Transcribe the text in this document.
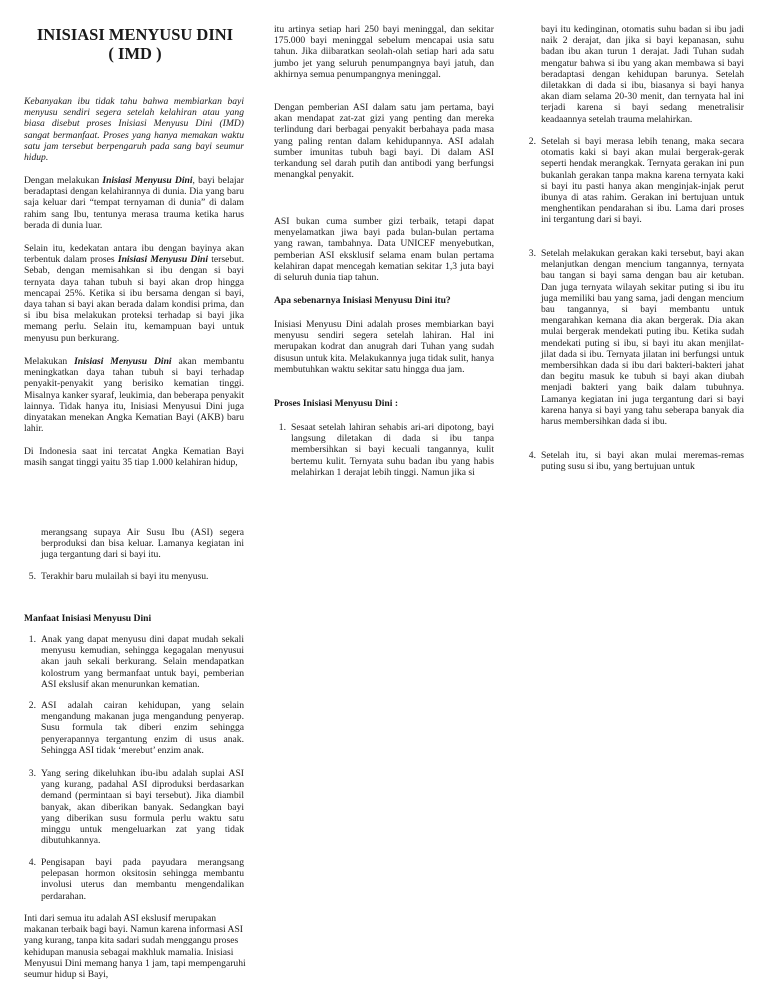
INISIASI MENYUSU DINI
( IMD )
Kebanyakan ibu tidak tahu bahwa membiarkan bayi menyusu sendiri segera setelah kelahiran atau yang biasa disebut proses Inisiasi Menyusu Dini (IMD) sangat bermanfaat. Proses yang hanya memakan waktu satu jam tersebut berpengaruh pada sang bayi seumur hidup.
Dengan melakukan Inisiasi Menyusu Dini, bayi belajar beradaptasi dengan kelahirannya di dunia. Dia yang baru saja keluar dari “tempat ternyaman di dunia” di dalam rahim sang Ibu, tentunya merasa trauma ketika harus berada di dunia luar.
Selain itu, kedekatan antara ibu dengan bayinya akan terbentuk dalam proses Inisiasi Menyusu Dini tersebut. Sebab, dengan memisahkan si ibu dengan si bayi ternyata daya tahan tubuh si bayi akan drop hingga mencapai 25%. Ketika si ibu bersama dengan si bayi, daya tahan si bayi akan berada dalam kondisi prima, dan si ibu bisa melakukan proteksi terhadap si bayi jika memang perlu. Selain itu, kemampuan bayi untuk menyusu pun berkurang.
Melakukan Inisiasi Menyusu Dini akan membantu meningkatkan daya tahan tubuh si bayi terhadap penyakit-penyakit yang berisiko kematian tinggi. Misalnya kanker syaraf, leukimia, dan beberapa penyakit lainnya. Tidak hanya itu, Inisiasi Menyusui Dini juga dinyatakan menekan Angka Kematian Bayi (AKB) baru lahir.
Di Indonesia saat ini tercatat Angka Kematian Bayi masih sangat tinggi yaitu 35 tiap 1.000 kelahiran hidup,
itu artinya setiap hari 250 bayi meninggal, dan sekitar 175.000 bayi meninggal sebelum mencapai usia satu tahun. Jika diibaratkan seolah-olah setiap hari ada satu jumbo jet yang seluruh penumpangnya bayi jatuh, dan akhirnya semua penumpangnya meninggal.
Dengan pemberian ASI dalam satu jam pertama, bayi akan mendapat zat-zat gizi yang penting dan mereka terlindung dari berbagai penyakit berbahaya pada masa yang paling rentan dalam kehidupannya. ASI adalah sumber imunitas tubuh bagi bayi. Di dalam ASI terkandung sel darah putih dan antibodi yang berfungsi menangkal penyakit.
ASI bukan cuma sumber gizi terbaik, tetapi dapat menyelamatkan jiwa bayi pada bulan-bulan pertama yang rawan, tambahnya. Data UNICEF menyebutkan, pemberian ASI eksklusif selama enam bulan pertama kelahiran dapat mencegah kematian sekitar 1,3 juta bayi di seluruh dunia tiap tahun.
Apa sebenarnya Inisiasi Menyusu Dini itu?
Inisiasi Menyusu Dini adalah proses membiarkan bayi menyusu sendiri segera setelah lahiran. Hal ini merupakan kodrat dan anugrah dari Tuhan yang sudah disusun untuk kita. Melakukannya juga tidak sulit, hanya membutuhkan waktu sekitar satu hingga dua jam.
Proses Inisiasi Menyusu Dini :
1. Sesaat setelah lahiran sehabis ari-ari dipotong, bayi langsung diletakan di dada si ibu tanpa membersihkan si bayi kecuali tangannya, kulit bertemu kulit. Ternyata suhu badan ibu yang habis melahirkan 1 derajat lebih tinggi. Namun jika si
bayi itu kedinginan, otomatis suhu badan si ibu jadi naik 2 derajat, dan jika si bayi kepanasan, suhu badan ibu akan turun 1 derajat. Jadi Tuhan sudah mengatur bahwa si ibu yang akan membawa si bayi beradaptasi dengan kehidupan barunya. Setelah diletakkan di dada si ibu, biasanya si bayi hanya akan diam selama 20-30 menit, dan ternyata hal ini terjadi karena si bayi sedang menetralisir keadaannya setelah trauma melahirkan.
2. Setelah si bayi merasa lebih tenang, maka secara otomatis kaki si bayi akan mulai bergerak-gerak seperti hendak merangkak. Ternyata gerakan ini pun bukanlah gerakan tanpa makna karena ternyata kaki si bayi itu pasti hanya akan menginjak-injak perut ibunya di atas rahim. Gerakan ini bertujuan untuk menghentikan pendarahan si ibu. Lama dari proses ini tergantung dari si bayi.
3. Setelah melakukan gerakan kaki tersebut, bayi akan melanjutkan dengan mencium tangannya, ternyata bau tangan si bayi sama dengan bau air ketuban. Dan juga ternyata wilayah sekitar puting si ibu itu juga memiliki bau yang sama, jadi dengan mencium bau tangannya, si bayi membantu untuk mengarahkan kemana dia akan bergerak. Dia akan mulai bergerak mendekati puting ibu. Ketika sudah mendekati puting si ibu, si bayi itu akan menjilat-jilat dada si ibu. Ternyata jilatan ini berfungsi untuk membersihkan dada si ibu dari bakteri-bakteri jahat dan begitu masuk ke tubuh si bayi akan diubah menjadi bakteri yang baik dalam tubuhnya. Lamanya kegiatan ini juga tergantung dari si bayi karena hanya si bayi yang tahu seberapa banyak dia harus membersihkan dada si ibu.
4. Setelah itu, si bayi akan mulai meremas-remas puting susu si ibu, yang bertujuan untuk
merangsang supaya Air Susu Ibu (ASI) segera berproduksi dan bisa keluar. Lamanya kegiatan ini juga tergantung dari si bayi itu.
5. Terakhir baru mulailah si bayi itu menyusu.
Manfaat Inisiasi Menyusu Dini
1. Anak yang dapat menyusu dini dapat mudah sekali menyusu kemudian, sehingga kegagalan menyusui akan jauh sekali berkurang. Selain mendapatkan kolostrum yang bermanfaat untuk bayi, pemberian ASI ekslusif akan menurunkan kematian.
2. ASI adalah cairan kehidupan, yang selain mengandung makanan juga mengandung penyerap. Susu formula tak diberi enzim sehingga penyerapannya tergantung enzim di usus anak. Sehingga ASI tidak ‘merebut’ enzim anak.
3. Yang sering dikeluhkan ibu-ibu adalah suplai ASI yang kurang, padahal ASI diproduksi berdasarkan demand (permintaan si bayi tersebut). Jika diambil banyak, akan diberikan banyak. Sedangkan bayi yang diberikan susu formula perlu waktu satu minggu untuk mengeluarkan zat yang tidak dibutuhkannya.
4. Pengisapan bayi pada payudara merangsang pelepasan hormon oksitosin sehingga membantu involusi uterus dan membantu mengendalikan perdarahan.
Inti dari semua itu adalah ASI ekslusif merupakan makanan terbaik bagi bayi. Namun karena informasi ASI yang kurang, tanpa kita sadari sudah menggangu proses kehidupan manusia sebagai makhluk mamalia. Inisiasi Menyusui Dini memang hanya 1 jam, tapi mempengaruhi seumur hidup si Bayi,
